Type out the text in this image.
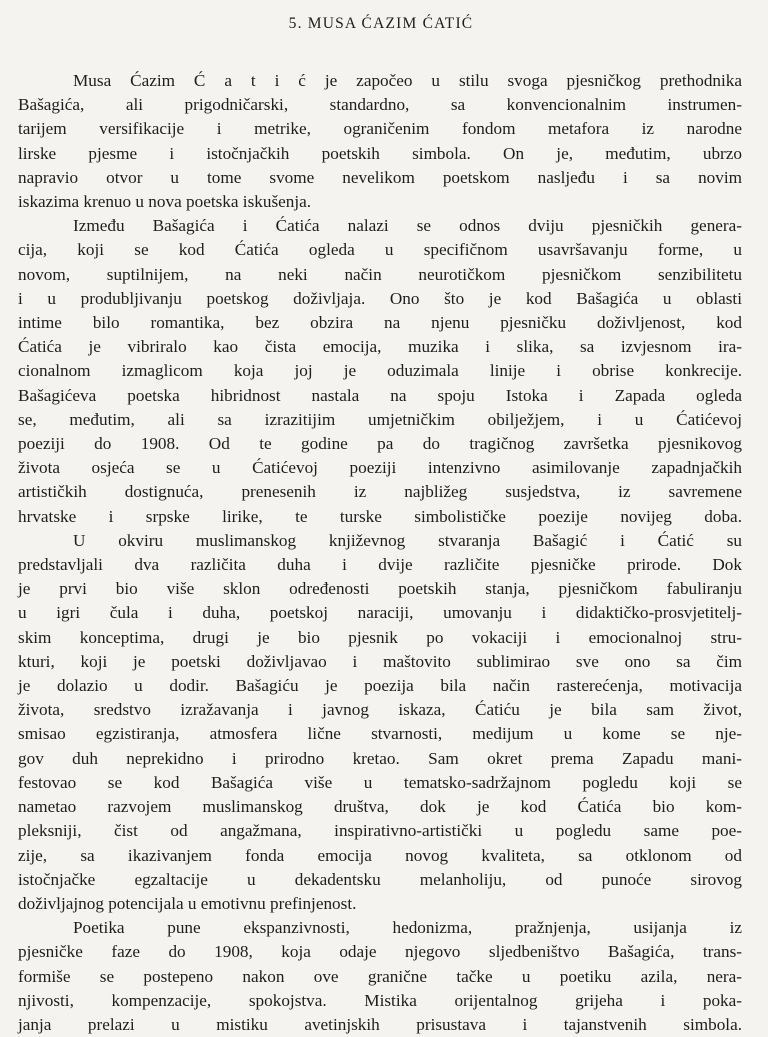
5. MUSA ĆAZIM ĆATIĆ

Musa Ćazim Ć a t i ć je započeo u stilu svoga pjesničkog prethodnika
Bašagića, ali prigodničarski, standardno, sa konvencionalnim instrumen-
tarijem versifikacije i metrike, ograničenim fondom metafora iz narodne
lirske pjesme i istočnjačkih poetskih simbola. On je, međutim, ubrzo
napravio otvor u tome svome nevelikom poetskom nasljeđu i sa novim
iskazima krenuo u nova poetska iskušenja.

Između Bašagića i Ćatića nalazi se odnos dviju pjesničkih genera-
cija, koji se kod Ćatića ogleda u specifičnom usavršavanju forme, u
novom, suptilnijem, na neki način neurotičkom pjesničkom senzibilitetu
i u produbljivanju poetskog doživljaja. Ono što je kod Bašagića u oblasti
intime bilo romantika, bez obzira na njenu pjesničku doživljenost, kod
Ćatića je vibriralo kao čista emocija, muzika i slika, sa izvjesnom ira-
cionalnom izmaglicom koja joj je oduzimala linije i obrise konkrecije.
Bašagićeva poetska hibridnost nastala na spoju Istoka i Zapada ogleda
se, međutim, ali sa izrazitijim umjetničkim obilježjem, i u Ćatićevoj
poeziji do 1908. Od te godine pa do tragičnog završetka pjesnikovog
života osjeća se u Ćatićevoj poeziji intenzivno asimilovanje zapadnjačkih
artističkih dostignuća, prenesenih iz najbližeg susjedstva, iz savremene
hrvatske i srpske lirike, te turske simbolističke poezije novijeg doba.

U okviru muslimanskog književnog stvaranja Bašagić i Ćatić su
predstavljali dva različita duha i dvije različite pjesničke prirode. Dok
je prvi bio više sklon određenosti poetskih stanja, pjesničkom fabuliranju
u igri čula i duha, poetskoj naraciji, umovanju i didaktičko-prosvjetitelj-
skim konceptima, drugi je bio pjesnik po vokaciji i emocionalnoj stru-
kturi, koji je poetski doživljavao i maštovito sublimirao sve ono sa čim
je dolazio u dodir. Bašagiću je poezija bila način rasterećenja, motivacija
života, sredstvo izražavanja i javnog iskaza, Ćatiću je bila sam život,
smisao egzistiranja, atmosfera lične stvarnosti, medijum u kome se nje-
gov duh neprekidno i prirodno kretao. Sam okret prema Zapadu mani-
festovao se kod Bašagića više u tematsko-sadržajnom pogledu koji se
nametao razvojem muslimanskog društva, dok je kod Ćatića bio kom-
pleksniji, čist od angažmana, inspirativno-artistički u pogledu same poe-
zije, sa ikazivanjem fonda emocija novog kvaliteta, sa otklonom od
istočnjačke egzaltacije u dekadentsku melanholiju, od punoće sirovog
doživljajnog potencijala u emotivnu prefinjenost.

Poetika pune ekspanzivnosti, hedonizma, pražnjenja, usijanja iz
pjesničke faze do 1908, koja odaje njegovo sljedbeništvo Bašagića, trans-
formiše se postepeno nakon ove granične tačke u poetiku azila, nera-
njivosti, kompenzacije, spokojstva. Mistika orijentalnog grijeha i poka-
janja prelazi u mistiku avetinjskih prisustava i tajanstvenih simbola.
